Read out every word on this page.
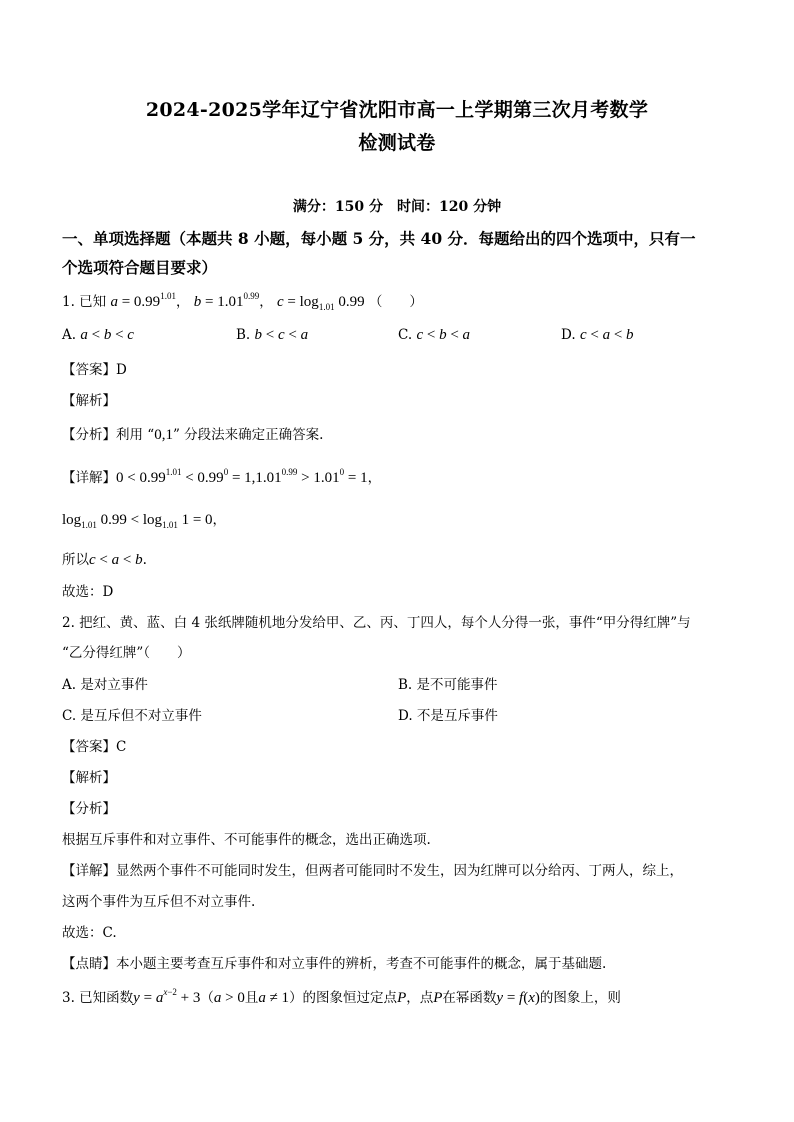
2024-2025学年辽宁省沈阳市高一上学期第三次月考数学
检测试卷
满分：150 分　时间：120 分钟
一、单项选择题（本题共 8 小题，每小题 5 分，共 40 分．每题给出的四个选项中，只有一
个选项符合题目要求）
1. 已知 $a = 0.99^{1.01}$， $b = 1.01^{0.99}$， $c = \log_{1.01} 0.99$ （　　）
A. a < b < c	B. b < c < a	C. c < b < a	D. c < a < b
【答案】D
【解析】
【分析】利用 “0,1” 分段法来确定正确答案.
【详解】$0 < 0.99^{1.01} < 0.99^0 = 1,1.01^{0.99} > 1.01^0 = 1$，
$\log_{1.01} 0.99 < \log_{1.01} 1 = 0$，
所以c < a < b.
故选：D
2. 把红、黄、蓝、白 4 张纸牌随机地分发给甲、乙、丙、丁四人，每个人分得一张，事件“甲分得红牌”与
“乙分得红牌”（　　）
A. 是对立事件	B. 是不可能事件
C. 是互斥但不对立事件	D. 不是互斥事件
【答案】C
【解析】
【分析】
根据互斥事件和对立事件、不可能事件的概念，选出正确选项.
【详解】显然两个事件不可能同时发生，但两者可能同时不发生，因为红牌可以分给丙、丁两人，综上，
这两个事件为互斥但不对立事件.
故选：C.
【点睛】本小题主要考查互斥事件和对立事件的辨析，考查不可能事件的概念，属于基础题.
3. 已知函数$y = a^{x-2} + 3(a > 0$且a ≠ 1）的图象恒过定点P，点P在幂函数y = f(x)的图象上，则
